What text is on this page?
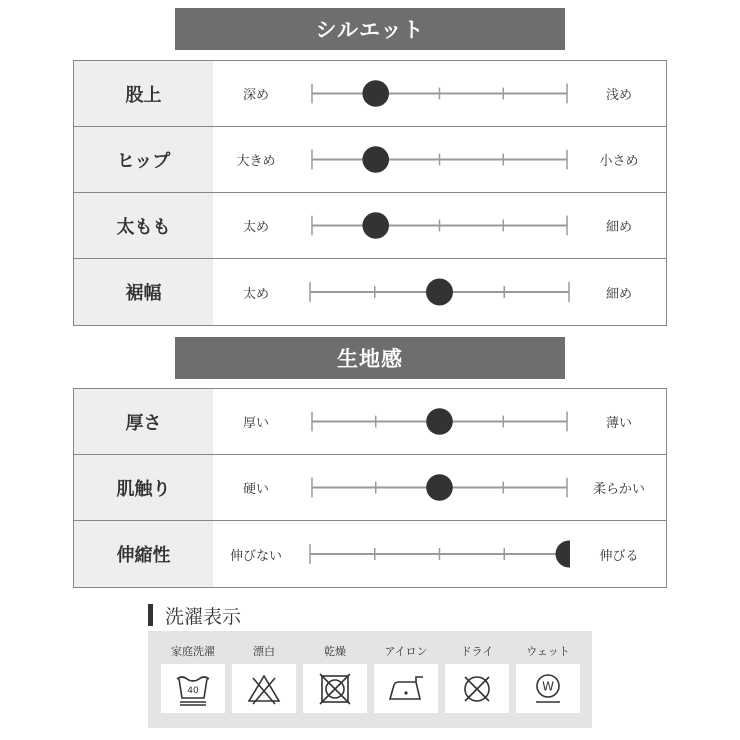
シルエット
股上	深め	浅め
ヒップ	大きめ	小さめ
太もも	太め	細め
裾幅	太め	細め
生地感
厚さ	厚い	薄い
肌触り	硬い	柔らかい
伸縮性	伸びない	伸びる
洗濯表示
家庭洗濯
40
漂白	乾燥	アイロン	ドライ	ウェット
W
